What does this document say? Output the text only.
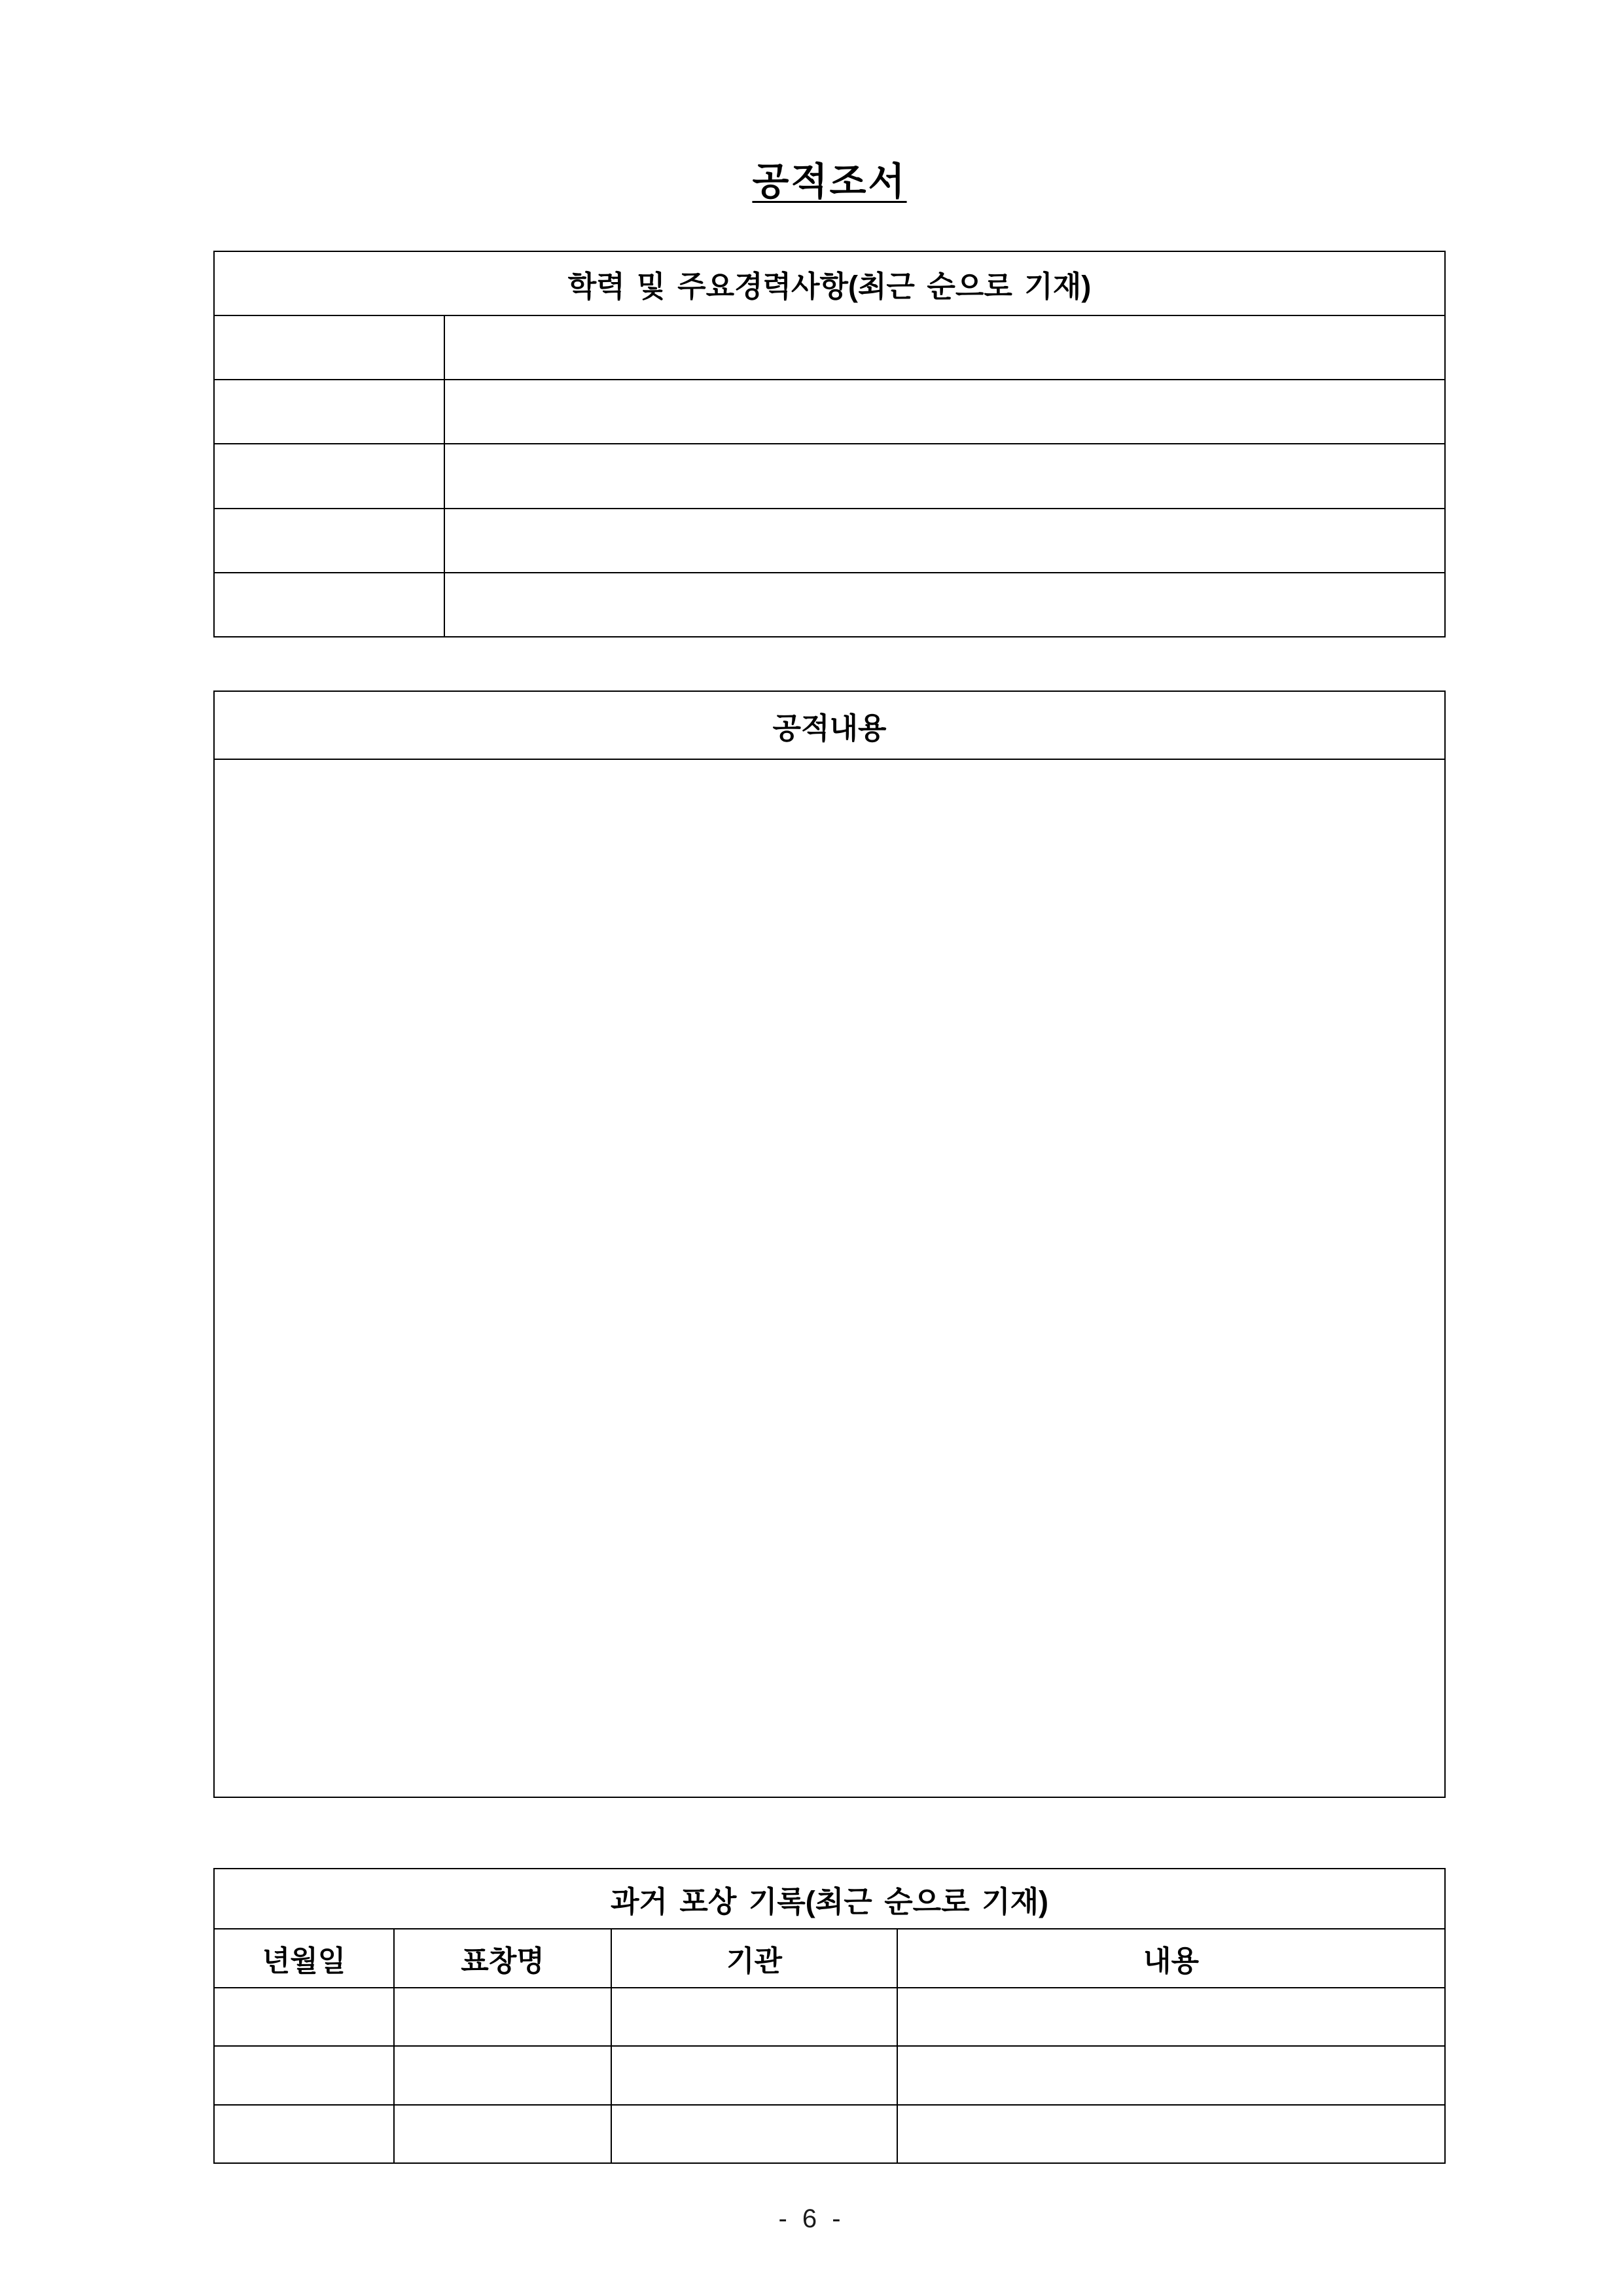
공적조서
학력 및 주요경력사항(최근 순으로 기재)
공적내용
과거 포상 기록(최근 순으로 기재)
년월일	표창명	기관	내용
- 6 -
